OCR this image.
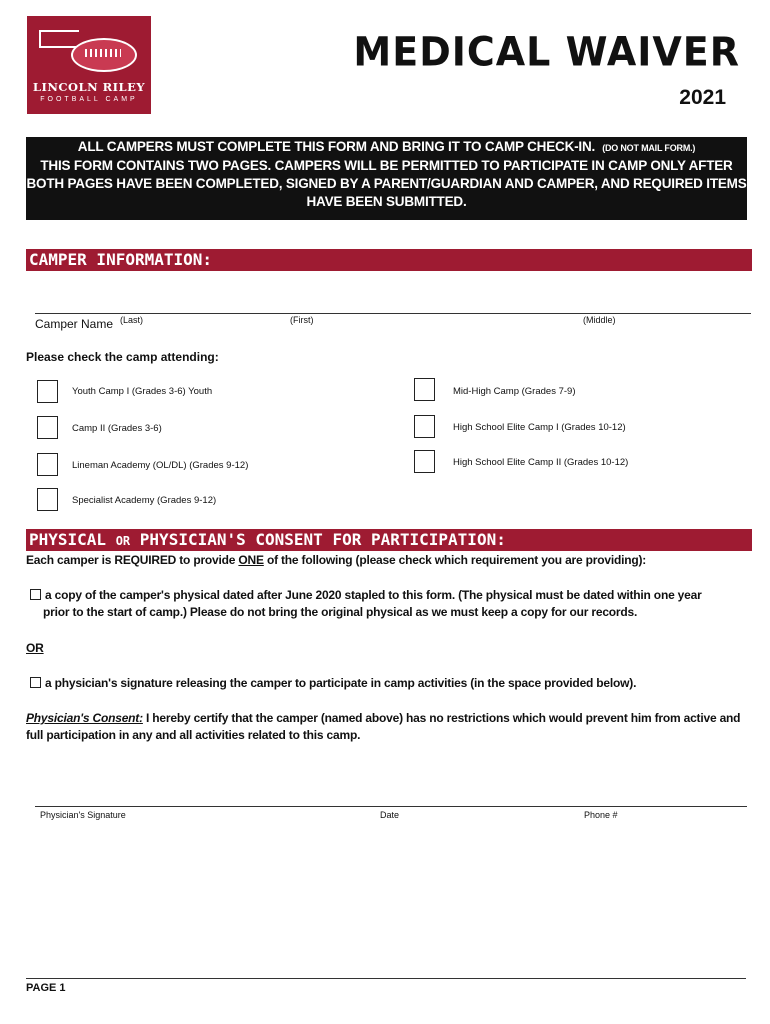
LINCOLN RILEY
FOOTBALL CAMP
MEDICAL WAIVER
2021
ALL CAMPERS MUST COMPLETE THIS FORM AND BRING IT TO CAMP CHECK-IN. (DO NOT MAIL FORM.)
THIS FORM CONTAINS TWO PAGES. CAMPERS WILL BE PERMITTED TO PARTICIPATE IN CAMP ONLY AFTER
BOTH PAGES HAVE BEEN COMPLETED, SIGNED BY A PARENT/GUARDIAN AND CAMPER, AND REQUIRED ITEMS
HAVE BEEN SUBMITTED.
CAMPER INFORMATION:
Camper Name (Last)	(First)	(Middle)
Please check the camp attending:
Youth Camp I (Grades 3-6) Youth	Mid-High Camp (Grades 7-9)
Camp II (Grades 3-6)	High School Elite Camp I (Grades 10-12)
Lineman Academy (OL/DL) (Grades 9-12)	High School Elite Camp II (Grades 10-12)
Specialist Academy (Grades 9-12)
PHYSICAL OR PHYSICIAN'S CONSENT FOR PARTICIPATION:
Each camper is REQUIRED to provide ONE of the following (please check which requirement you are providing):
a copy of the camper's physical dated after June 2020 stapled to this form. (The physical must be dated within one year
prior to the start of camp.) Please do not bring the original physical as we must keep a copy for our records.
OR
a physician's signature releasing the camper to participate in camp activities (in the space provided below).
Physician's Consent: I hereby certify that the camper (named above) has no restrictions which would prevent him from active and
full participation in any and all activities related to this camp.
Physician's Signature	Date	Phone #
PAGE 1
